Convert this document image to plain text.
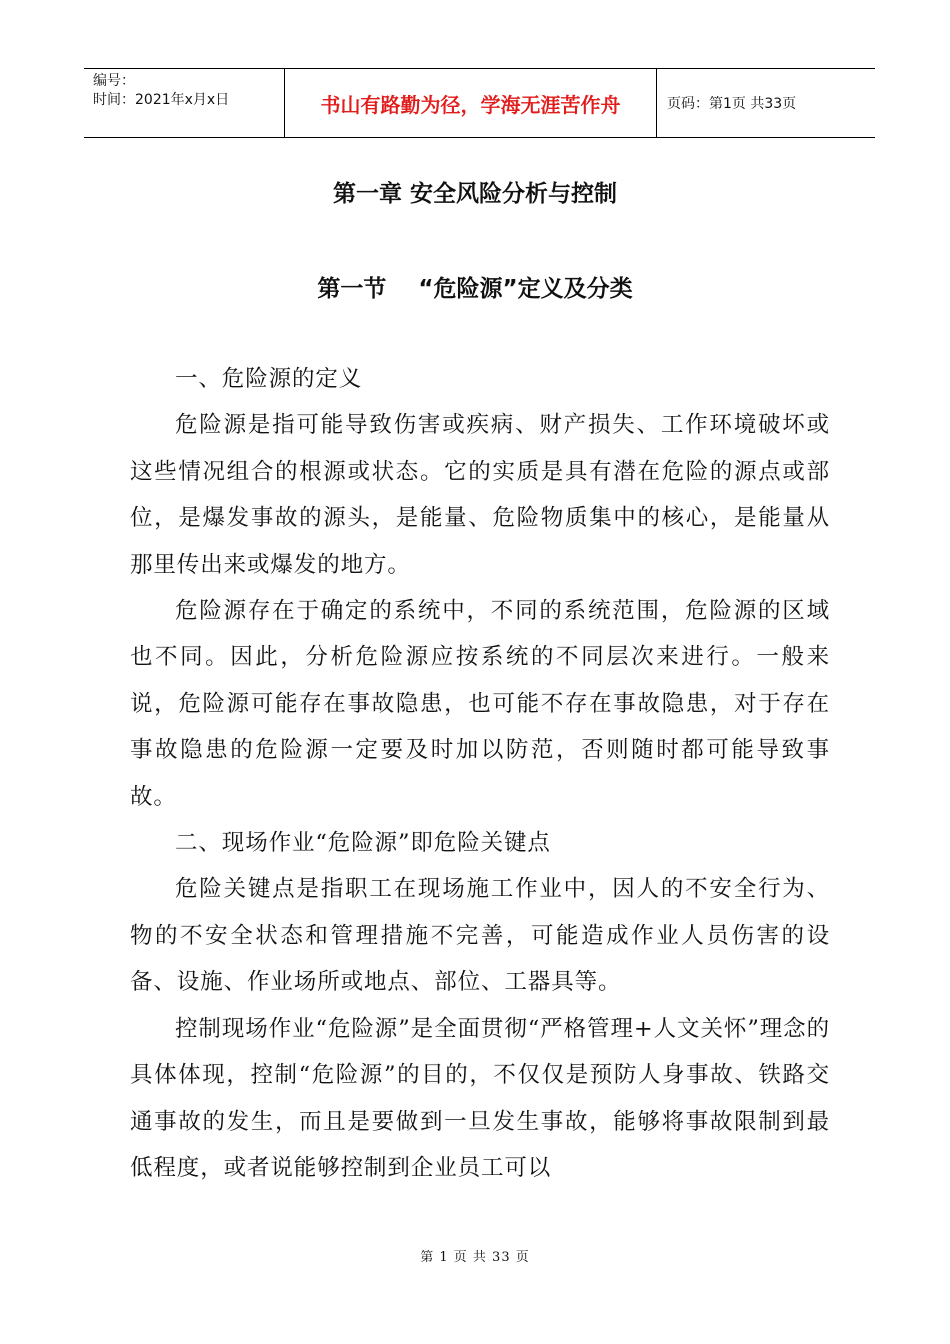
编号：
时间：2021年x月x日	书山有路勤为径，学海无涯苦作舟	页码：第1页 共33页
第一章 安全风险分析与控制
第一节    “危险源”定义及分类

一、危险源的定义

危险源是指可能导致伤害或疾病、财产损失、工作环境破坏或这些情况组合的根源或状态。它的实质是具有潜在危险的源点或部位，是爆发事故的源头，是能量、危险物质集中的核心，是能量从那里传出来或爆发的地方。

危险源存在于确定的系统中，不同的系统范围，危险源的区域也不同。因此，分析危险源应按系统的不同层次来进行。一般来说，危险源可能存在事故隐患，也可能不存在事故隐患，对于存在事故隐患的危险源一定要及时加以防范，否则随时都可能导致事故。

二、现场作业“危险源”即危险关键点

危险关键点是指职工在现场施工作业中，因人的不安全行为、物的不安全状态和管理措施不完善，可能造成作业人员伤害的设备、设施、作业场所或地点、部位、工器具等。

控制现场作业“危险源”是全面贯彻“严格管理+人文关怀”理念的具体体现，控制“危险源”的目的，不仅仅是预防人身事故、铁路交通事故的发生，而且是要做到一旦发生事故，能够将事故限制到最低程度，或者说能够控制到企业员工可以

第 1 页 共 33 页
